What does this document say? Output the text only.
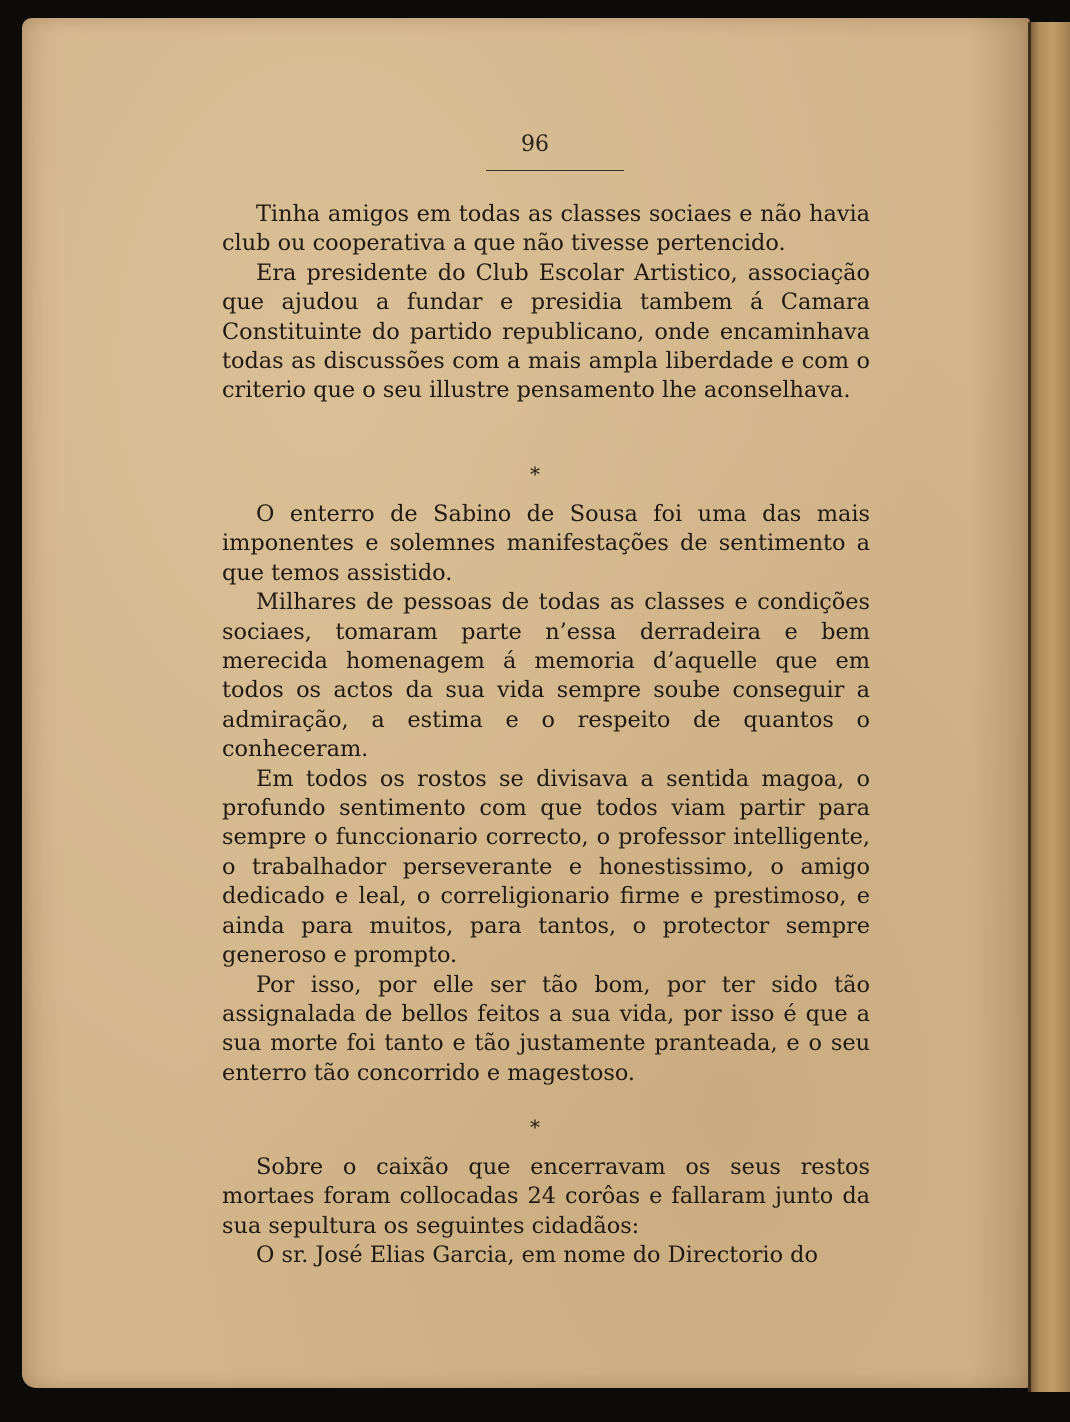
96

Tinha amigos em todas as classes sociaes e não havia club ou cooperativa a que não tivesse pertencido.

Era presidente do Club Escolar Artistico, associação que ajudou a fundar e presidia tambem á Camara Constituinte do partido republicano, onde encaminhava todas as discussões com a mais ampla liberdade e com o criterio que o seu illustre pensamento lhe aconselhava.

*

O enterro de Sabino de Sousa foi uma das mais imponentes e solemnes manifestações de sentimento a que temos assistido.

Milhares de pessoas de todas as classes e condições sociaes, tomaram parte n’essa derradeira e bem merecida homenagem á memoria d’aquelle que em todos os actos da sua vida sempre soube conseguir a admiração, a estima e o respeito de quantos o conheceram.

Em todos os rostos se divisava a sentida magoa, o profundo sentimento com que todos viam partir para sempre o funccionario correcto, o professor intelligente, o trabalhador perseverante e honestissimo, o amigo dedicado e leal, o correligionario firme e prestimoso, e ainda para muitos, para tantos, o protector sempre generoso e prompto.

Por isso, por elle ser tão bom, por ter sido tão assignalada de bellos feitos a sua vida, por isso é que a sua morte foi tanto e tão justamente pranteada, e o seu enterro tão concorrido e magestoso.

*

Sobre o caixão que encerravam os seus restos mortaes foram collocadas 24 corôas e fallaram junto da sua sepultura os seguintes cidadãos:

O sr. José Elias Garcia, em nome do Directorio do
